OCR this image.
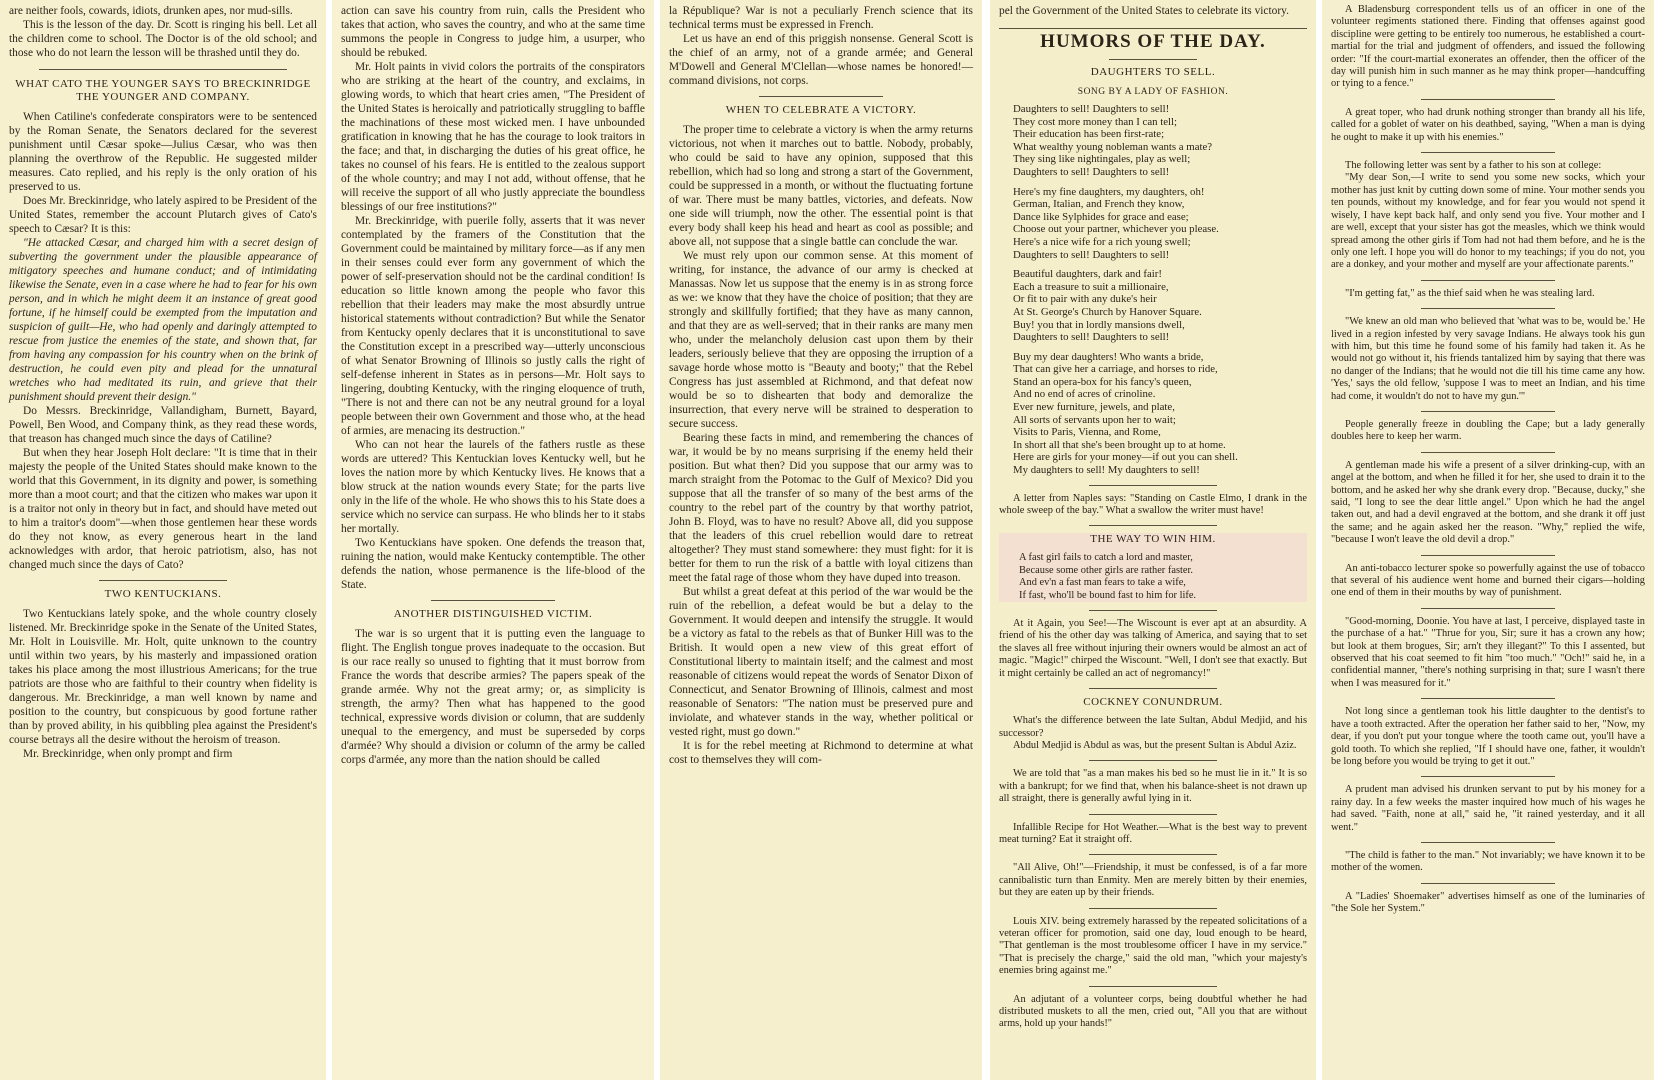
are neither fools, cowards, idiots, drunken apes, nor mud-sills.

This is the lesson of the day. Dr. Scott is ringing his bell. Let all the children come to school. The Doctor is of the old school; and those who do not learn the lesson will be thrashed until they do.

WHAT CATO THE YOUNGER SAYS TO BRECKINRIDGE THE YOUNGER AND COMPANY.

When Catiline's confederate conspirators were to be sentenced by the Roman Senate, the Senators declared for the severest punishment until Cæsar spoke—Julius Cæsar, who was then planning the overthrow of the Republic. He suggested milder measures. Cato replied, and his reply is the only oration of his preserved to us.

Does Mr. Breckinridge, who lately aspired to be President of the United States, remember the account Plutarch gives of Cato's speech to Cæsar? It is this:

"He attacked Cæsar, and charged him with a secret design of subverting the government under the plausible appearance of mitigatory speeches and humane conduct; and of intimidating likewise the Senate, even in a case where he had to fear for his own person, and in which he might deem it an instance of great good fortune, if he himself could be exempted from the imputation and suspicion of guilt—He, who had openly and daringly attempted to rescue from justice the enemies of the state, and shown that, far from having any compassion for his country when on the brink of destruction, he could even pity and plead for the unnatural wretches who had meditated its ruin, and grieve that their punishment should prevent their design."

Do Messrs. Breckinridge, Vallandigham, Burnett, Bayard, Powell, Ben Wood, and Company think, as they read these words, that treason has changed much since the days of Catiline?

But when they hear Joseph Holt declare: "It is time that in their majesty the people of the United States should make known to the world that this Government, in its dignity and power, is something more than a moot court; and that the citizen who makes war upon it is a traitor not only in theory but in fact, and should have meted out to him a traitor's doom"—when those gentlemen hear these words do they not know, as every generous heart in the land acknowledges with ardor, that heroic patriotism, also, has not changed much since the days of Cato?

TWO KENTUCKIANS.

Two Kentuckians lately spoke, and the whole country closely listened. Mr. Breckinridge spoke in the Senate of the United States, Mr. Holt in Louisville. Mr. Holt, quite unknown to the country until within two years, by his masterly and impassioned oration takes his place among the most illustrious Americans; for the true patriots are those who are faithful to their country when fidelity is dangerous. Mr. Breckinridge, a man well known by name and position to the country, but conspicuous by good fortune rather than by proved ability, in his quibbling plea against the President's course betrays all the desire without the heroism of treason.

Mr. Breckinridge, when only prompt and firm

action can save his country from ruin, calls the President who takes that action, who saves the country, and who at the same time summons the people in Congress to judge him, a usurper, who should be rebuked.

Mr. Holt paints in vivid colors the portraits of the conspirators who are striking at the heart of the country, and exclaims, in glowing words, to which that heart cries amen, "The President of the United States is heroically and patriotically struggling to baffle the machinations of these most wicked men. I have unbounded gratification in knowing that he has the courage to look traitors in the face; and that, in discharging the duties of his great office, he takes no counsel of his fears. He is entitled to the zealous support of the whole country; and may I not add, without offense, that he will receive the support of all who justly appreciate the boundless blessings of our free institutions?"

Mr. Breckinridge, with puerile folly, asserts that it was never contemplated by the framers of the Constitution that the Government could be maintained by military force—as if any men in their senses could ever form any government of which the power of self-preservation should not be the cardinal condition! Is education so little known among the people who favor this rebellion that their leaders may make the most absurdly untrue historical statements without contradiction? But while the Senator from Kentucky openly declares that it is unconstitutional to save the Constitution except in a prescribed way—utterly unconscious of what Senator Browning of Illinois so justly calls the right of self-defense inherent in States as in persons—Mr. Holt says to lingering, doubting Kentucky, with the ringing eloquence of truth, "There is not and there can not be any neutral ground for a loyal people between their own Government and those who, at the head of armies, are menacing its destruction."

Who can not hear the laurels of the fathers rustle as these words are uttered? This Kentuckian loves Kentucky well, but he loves the nation more by which Kentucky lives. He knows that a blow struck at the nation wounds every State; for the parts live only in the life of the whole. He who shows this to his State does a service which no service can surpass. He who blinds her to it stabs her mortally.

Two Kentuckians have spoken. One defends the treason that, ruining the nation, would make Kentucky contemptible. The other defends the nation, whose permanence is the life-blood of the State.

ANOTHER DISTINGUISHED VICTIM.

The war is so urgent that it is putting even the language to flight. The English tongue proves inadequate to the occasion. But is our race really so unused to fighting that it must borrow from France the words that describe armies? The papers speak of the grande armée. Why not the great army; or, as simplicity is strength, the army? Then what has happened to the good technical, expressive words division or column, that are suddenly unequal to the emergency, and must be superseded by corps d'armée? Why should a division or column of the army be called corps d'armée, any more than the nation should be called

la République? War is not a peculiarly French science that its technical terms must be expressed in French.

Let us have an end of this priggish nonsense. General Scott is the chief of an army, not of a grande armée; and General M'Dowell and General M'Clellan—whose names be honored!—command divisions, not corps.

WHEN TO CELEBRATE A VICTORY.

The proper time to celebrate a victory is when the army returns victorious, not when it marches out to battle. Nobody, probably, who could be said to have any opinion, supposed that this rebellion, which had so long and strong a start of the Government, could be suppressed in a month, or without the fluctuating fortune of war. There must be many battles, victories, and defeats. Now one side will triumph, now the other. The essential point is that every body shall keep his head and heart as cool as possible; and above all, not suppose that a single battle can conclude the war.

We must rely upon our common sense. At this moment of writing, for instance, the advance of our army is checked at Manassas. Now let us suppose that the enemy is in as strong force as we: we know that they have the choice of position; that they are strongly and skillfully fortified; that they have as many cannon, and that they are as well-served; that in their ranks are many men who, under the melancholy delusion cast upon them by their leaders, seriously believe that they are opposing the irruption of a savage horde whose motto is "Beauty and booty;" that the Rebel Congress has just assembled at Richmond, and that defeat now would be so to dishearten that body and demoralize the insurrection, that every nerve will be strained to desperation to secure success.

Bearing these facts in mind, and remembering the chances of war, it would be by no means surprising if the enemy held their position. But what then? Did you suppose that our army was to march straight from the Potomac to the Gulf of Mexico? Did you suppose that all the transfer of so many of the best arms of the country to the rebel part of the country by that worthy patriot, John B. Floyd, was to have no result? Above all, did you suppose that the leaders of this cruel rebellion would dare to retreat altogether? They must stand somewhere: they must fight: for it is better for them to run the risk of a battle with loyal citizens than meet the fatal rage of those whom they have duped into treason.

But whilst a great defeat at this period of the war would be the ruin of the rebellion, a defeat would be but a delay to the Government. It would deepen and intensify the struggle. It would be a victory as fatal to the rebels as that of Bunker Hill was to the British. It would open a new view of this great effort of Constitutional liberty to maintain itself; and the calmest and most reasonable of citizens would repeat the words of Senator Dixon of Connecticut, and Senator Browning of Illinois, calmest and most reasonable of Senators: "The nation must be preserved pure and inviolate, and whatever stands in the way, whether political or vested right, must go down."

It is for the rebel meeting at Richmond to determine at what cost to themselves they will com-

pel the Government of the United States to celebrate its victory.

HUMORS OF THE DAY.
DAUGHTERS TO SELL.
SONG BY A LADY OF FASHION.

Daughters to sell! Daughters to sell!

They cost more money than I can tell;

Their education has been first-rate;

What wealthy young nobleman wants a mate?

They sing like nightingales, play as well;

Daughters to sell! Daughters to sell!

Here's my fine daughters, my daughters, oh!

German, Italian, and French they know,

Dance like Sylphides for grace and ease;

Choose out your partner, whichever you please.

Here's a nice wife for a rich young swell;

Daughters to sell! Daughters to sell!

Beautiful daughters, dark and fair!

Each a treasure to suit a millionaire,

Or fit to pair with any duke's heir

At St. George's Church by Hanover Square.

Buy! you that in lordly mansions dwell,

Daughters to sell! Daughters to sell!

Buy my dear daughters! Who wants a bride,

That can give her a carriage, and horses to ride,

Stand an opera-box for his fancy's queen,

And no end of acres of crinoline.

Ever new furniture, jewels, and plate,

All sorts of servants upon her to wait;

Visits to Paris, Vienna, and Rome,

In short all that she's been brought up to at home.

Here are girls for your money—if out you can shell.

My daughters to sell! My daughters to sell!

A letter from Naples says: "Standing on Castle Elmo, I drank in the whole sweep of the bay." What a swallow the writer must have!

THE WAY TO WIN HIM.

A fast girl fails to catch a lord and master,

Because some other girls are rather faster.

And ev'n a fast man fears to take a wife,

If fast, who'll be bound fast to him for life.

At it Again, you See!—The Wiscount is ever apt at an absurdity. A friend of his the other day was talking of America, and saying that to set the slaves all free without injuring their owners would be almost an act of magic. "Magic!" chirped the Wiscount. "Well, I don't see that exactly. But it might certainly be called an act of negromancy!"

COCKNEY CONUNDRUM.

What's the difference between the late Sultan, Abdul Medjid, and his successor?

Abdul Medjid is Abdul as was, but the present Sultan is Abdul Aziz.

We are told that "as a man makes his bed so he must lie in it." It is so with a bankrupt; for we find that, when his balance-sheet is not drawn up all straight, there is generally awful lying in it.

Infallible Recipe for Hot Weather.—What is the best way to prevent meat turning? Eat it straight off.

"All Alive, Oh!"—Friendship, it must be confessed, is of a far more cannibalistic turn than Enmity. Men are merely bitten by their enemies, but they are eaten up by their friends.

Louis XIV. being extremely harassed by the repeated solicitations of a veteran officer for promotion, said one day, loud enough to be heard, "That gentleman is the most troublesome officer I have in my service." "That is precisely the charge," said the old man, "which your majesty's enemies bring against me."

An adjutant of a volunteer corps, being doubtful whether he had distributed muskets to all the men, cried out, "All you that are without arms, hold up your hands!"

A Bladensburg correspondent tells us of an officer in one of the volunteer regiments stationed there. Finding that offenses against good discipline were getting to be entirely too numerous, he established a court-martial for the trial and judgment of offenders, and issued the following order: "If the court-martial exonerates an offender, then the officer of the day will punish him in such manner as he may think proper—handcuffing or tying to a fence."

A great toper, who had drunk nothing stronger than brandy all his life, called for a goblet of water on his deathbed, saying, "When a man is dying he ought to make it up with his enemies."

The following letter was sent by a father to his son at college:

"My dear Son,—I write to send you some new socks, which your mother has just knit by cutting down some of mine. Your mother sends you ten pounds, without my knowledge, and for fear you would not spend it wisely, I have kept back half, and only send you five. Your mother and I are well, except that your sister has got the measles, which we think would spread among the other girls if Tom had not had them before, and he is the only one left. I hope you will do honor to my teachings; if you do not, you are a donkey, and your mother and myself are your affectionate parents."

"I'm getting fat," as the thief said when he was stealing lard.

"We knew an old man who believed that 'what was to be, would be.' He lived in a region infested by very savage Indians. He always took his gun with him, but this time he found some of his family had taken it. As he would not go without it, his friends tantalized him by saying that there was no danger of the Indians; that he would not die till his time came any how. 'Yes,' says the old fellow, 'suppose I was to meet an Indian, and his time had come, it wouldn't do not to have my gun.'"

People generally freeze in doubling the Cape; but a lady generally doubles here to keep her warm.

A gentleman made his wife a present of a silver drinking-cup, with an angel at the bottom, and when he filled it for her, she used to drain it to the bottom, and he asked her why she drank every drop. "Because, ducky," she said, "I long to see the dear little angel." Upon which he had the angel taken out, and had a devil engraved at the bottom, and she drank it off just the same; and he again asked her the reason. "Why," replied the wife, "because I won't leave the old devil a drop."

An anti-tobacco lecturer spoke so powerfully against the use of tobacco that several of his audience went home and burned their cigars—holding one end of them in their mouths by way of punishment.

"Good-morning, Doonie. You have at last, I perceive, displayed taste in the purchase of a hat." "Thrue for you, Sir; sure it has a crown any how; but look at them brogues, Sir; arn't they illegant?" To this I assented, but observed that his coat seemed to fit him "too much." "Och!" said he, in a confidential manner, "there's nothing surprising in that; sure I wasn't there when I was measured for it."

Not long since a gentleman took his little daughter to the dentist's to have a tooth extracted. After the operation her father said to her, "Now, my dear, if you don't put your tongue where the tooth came out, you'll have a gold tooth. To which she replied, "If I should have one, father, it wouldn't be long before you would be trying to get it out."

A prudent man advised his drunken servant to put by his money for a rainy day. In a few weeks the master inquired how much of his wages he had saved. "Faith, none at all," said he, "it rained yesterday, and it all went."

"The child is father to the man." Not invariably; we have known it to be mother of the women.

A "Ladies' Shoemaker" advertises himself as one of the luminaries of "the Sole her System."
